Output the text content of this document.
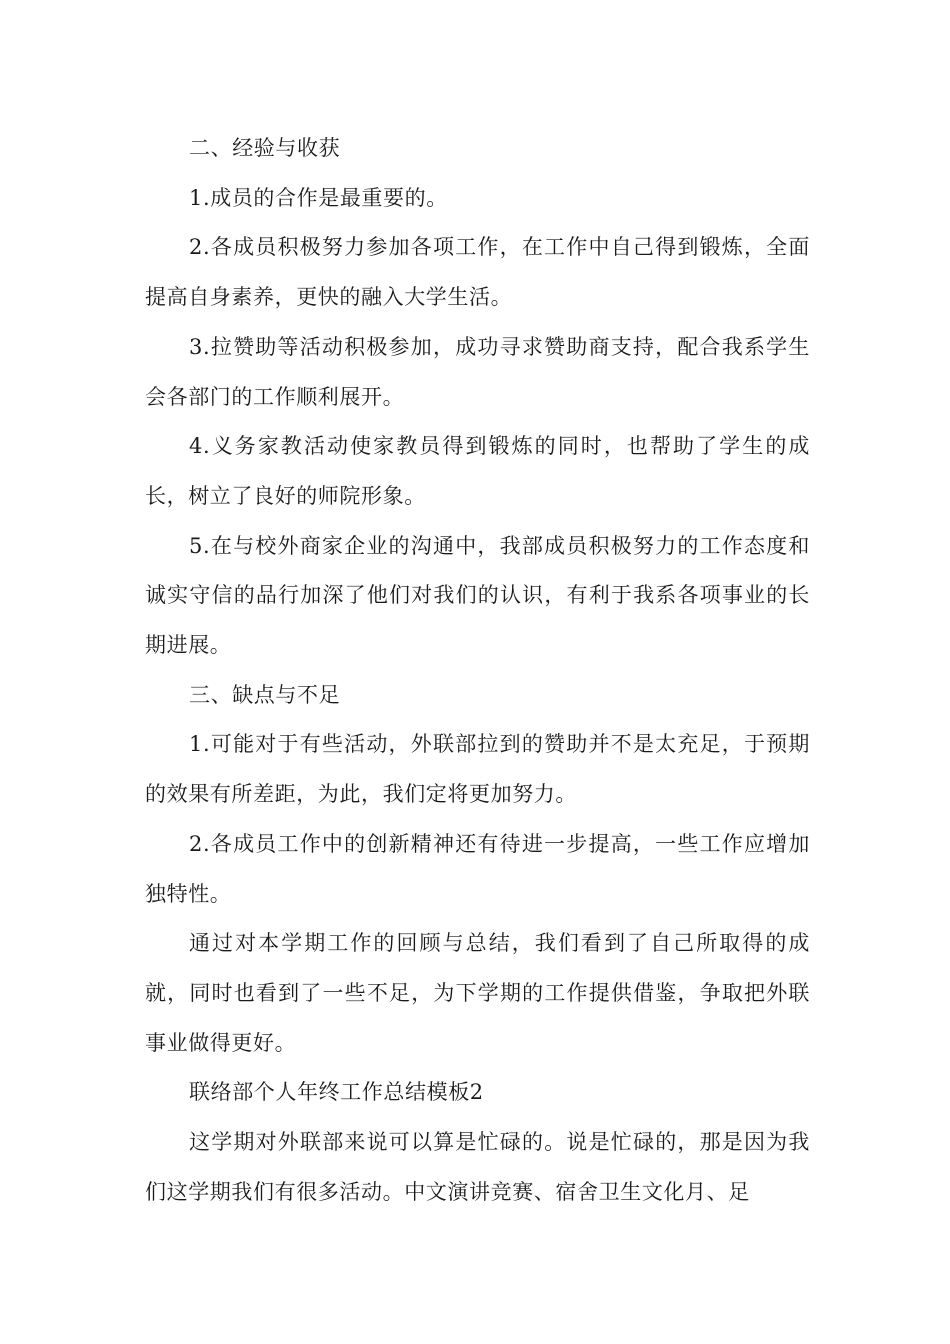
二、经验与收获

1.成员的合作是最重要的。

2.各成员积极努力参加各项工作，在工作中自己得到锻炼，全面提高自身素养，更快的融入大学生活。

3.拉赞助等活动积极参加，成功寻求赞助商支持，配合我系学生会各部门的工作顺利展开。

4.义务家教活动使家教员得到锻炼的同时，也帮助了学生的成长，树立了良好的师院形象。

5.在与校外商家企业的沟通中，我部成员积极努力的工作态度和诚实守信的品行加深了他们对我们的认识，有利于我系各项事业的长期进展。

三、缺点与不足

1.可能对于有些活动，外联部拉到的赞助并不是太充足，于预期的效果有所差距，为此，我们定将更加努力。

2.各成员工作中的创新精神还有待进一步提高，一些工作应增加独特性。

通过对本学期工作的回顾与总结，我们看到了自己所取得的成就，同时也看到了一些不足，为下学期的工作提供借鉴，争取把外联事业做得更好。

联络部个人年终工作总结模板2

这学期对外联部来说可以算是忙碌的。说是忙碌的，那是因为我们这学期我们有很多活动。中文演讲竞赛、宿舍卫生文化月、足
